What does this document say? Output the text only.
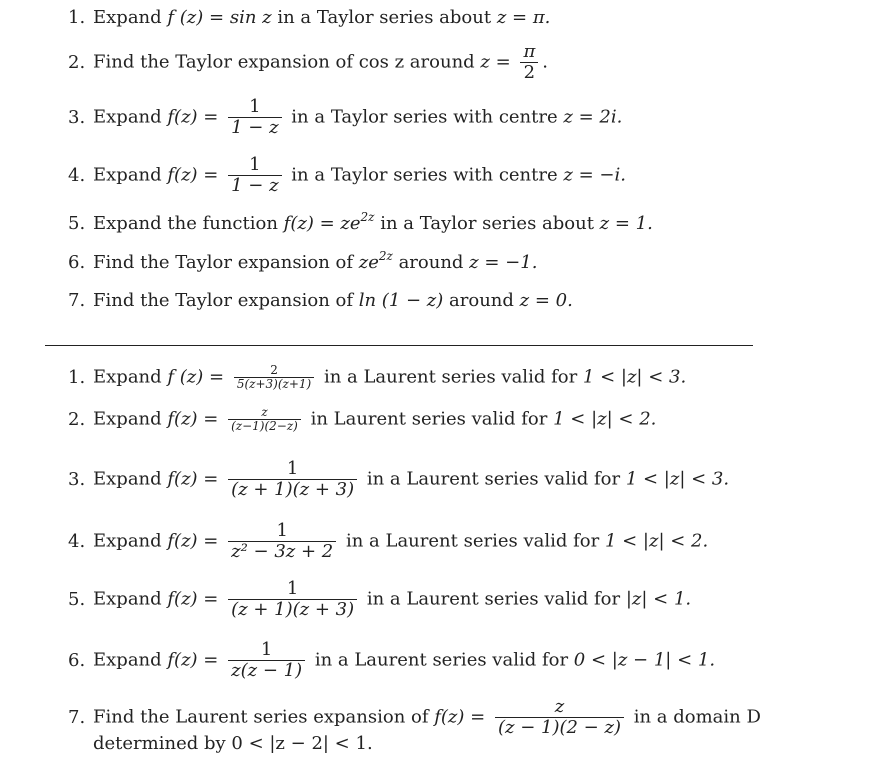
1. Expand f (z) = sin z in a Taylor series about z = π.
2. Find the Taylor expansion of cos z around $z = \frac{\pi}{2}$ .
3. Expand $f(z) = \frac{1}{1 - z}$ in a Taylor series with centre z = 2i.
4. Expand $f(z) = \frac{1}{1 - z}$ in a Taylor series with centre z = −i.
5. Expand the function $f(z) = ze^{2z}$ in a Taylor series about z = 1.
6. Find the Taylor expansion of $ze^{2z}$ around z = −1.
7. Find the Taylor expansion of ln (1 − z) around z = 0.
1. Expand f $(z) = \frac{2}{5(z+3)(z+1)}$ in a Laurent series valid for 1 < |z| < 3.
2. Expand $f(z) = \frac{z}{(z-1)(2-z)}$ in Laurent series valid for 1 < |z| < 2.
3. Expand $f(z) = \frac{1}{(z + 1)(z + 3)}$ in a Laurent series valid for 1 < |z| < 3.
4. Expand $f(z) = \frac{1}{\text{z² − 3z + 2}}$ in a Laurent series valid for 1 < |z| < 2.
5. Expand $f(z) = \frac{1}{(z + 1)(z + 3)}$ in a Laurent series valid for |z| < 1.
6. Expand $f(z) = \frac{1}{z(z - 1)}$ in a Laurent series valid for 0 < |z − 1| < 1.
7. Find the Laurent series expansion of $f(z) = \frac{z}{(z - 1)(2 - z)}$ in a domain D
determined by 0 < |z − 2| < 1.
